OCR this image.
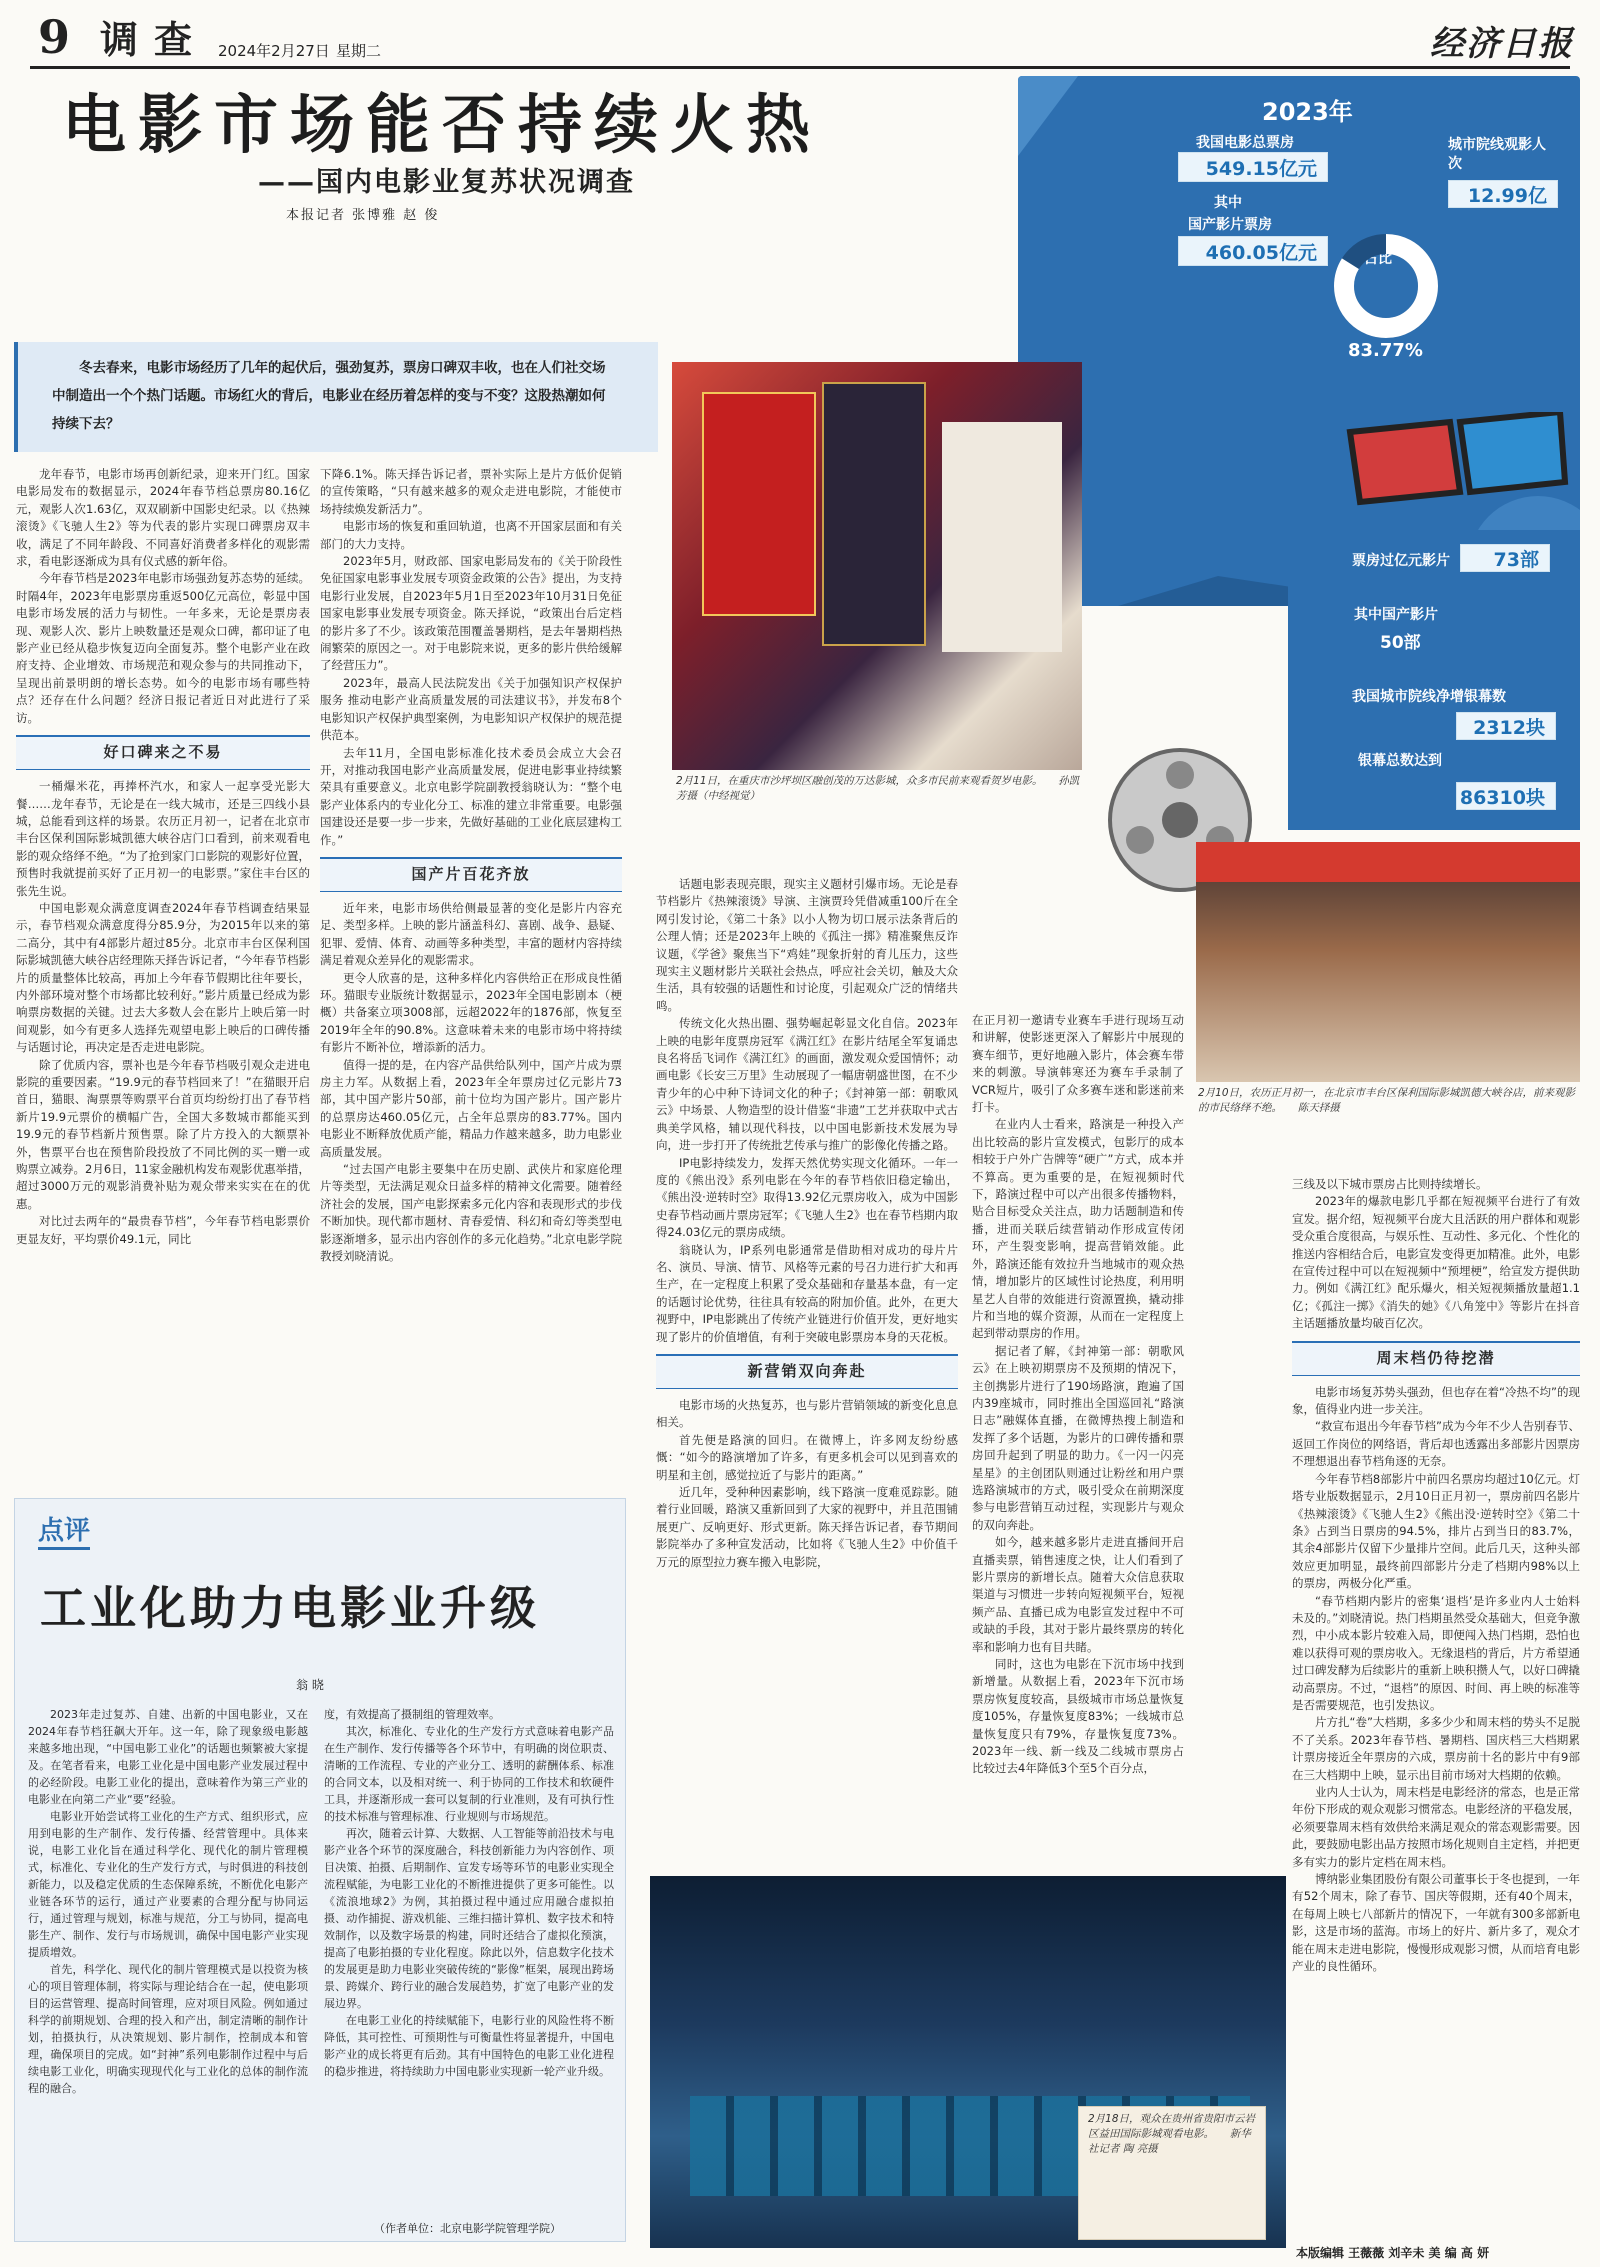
9 调查 2024年2月27日 星期二	经济日报
电影市场能否持续火热
——国内电影业复苏状况调查
本报记者 张博雅 赵 俊
2023年
我国电影总票房
549.15亿元
其中
国产影片票房
460.05亿元
城市院线观影人次
12.99亿
占比
83.77%
票房过亿元影片	73部
其中国产影片
50部
我国城市院线净增银幕数
2312块
银幕总数达到
86310块
冬去春来，电影市场经历了几年的起伏后，强劲复苏，票房口碑双丰收，也在人们社交场中制造出一个个热门话题。市场红火的背后，电影业在经历着怎样的变与不变？这股热潮如何持续下去？
2月11日，在重庆市沙坪坝区融创茂的万达影城，众多市民前来观看贺岁电影。　　孙凯芳摄（中经视觉）
2月10日，农历正月初一，在北京市丰台区保利国际影城凯德大峡谷店，前来观影的市民络绎不绝。　　陈天择摄

龙年春节，电影市场再创新纪录，迎来开门红。国家电影局发布的数据显示，2024年春节档总票房80.16亿元，观影人次1.63亿，双双刷新中国影史纪录。以《热辣滚烫》《飞驰人生2》等为代表的影片实现口碑票房双丰收，满足了不同年龄段、不同喜好消费者多样化的观影需求，看电影逐渐成为具有仪式感的新年俗。

今年春节档是2023年电影市场强劲复苏态势的延续。时隔4年，2023年电影票房重返500亿元高位，彰显中国电影市场发展的活力与韧性。一年多来，无论是票房表现、观影人次、影片上映数量还是观众口碑，都印证了电影产业已经从稳步恢复迈向全面复苏。整个电影产业在政府支持、企业增效、市场规范和观众参与的共同推动下，呈现出前景明朗的增长态势。如今的电影市场有哪些特点？还存在什么问题？经济日报记者近日对此进行了采访。

好口碑来之不易

一桶爆米花，再捧杯汽水，和家人一起享受光影大餐……龙年春节，无论是在一线大城市，还是三四线小县城，总能看到这样的场景。农历正月初一，记者在北京市丰台区保利国际影城凯德大峡谷店门口看到，前来观看电影的观众络绎不绝。“为了抢到家门口影院的观影好位置，预售时我就提前买好了正月初一的电影票。”家住丰台区的张先生说。

中国电影观众满意度调查2024年春节档调查结果显示，春节档观众满意度得分85.9分，为2015年以来的第二高分，其中有4部影片超过85分。北京市丰台区保利国际影城凯德大峡谷店经理陈天择告诉记者，“今年春节档影片的质量整体比较高，再加上今年春节假期比往年要长，内外部环境对整个市场都比较利好。”影片质量已经成为影响票房数据的关键。过去大多数人会在影片上映后第一时间观影，如今有更多人选择先观望电影上映后的口碑传播与话题讨论，再决定是否走进电影院。

除了优质内容，票补也是今年春节档吸引观众走进电影院的重要因素。“19.9元的春节档回来了！”在猫眼开启首日，猫眼、淘票票等购票平台首页均纷纷打出了春节档新片19.9元票价的横幅广告，全国大多数城市都能买到19.9元的春节档新片预售票。除了片方投入的大额票补外，售票平台也在预售阶段投放了不同比例的买一赠一或购票立减券。2月6日，11家金融机构发布观影优惠举措，超过3000万元的观影消费补贴为观众带来实实在在的优惠。

对比过去两年的“最贵春节档”，今年春节档电影票价更显友好，平均票价49.1元，同比

下降6.1%。陈天择告诉记者，票补实际上是片方低价促销的宣传策略，“只有越来越多的观众走进电影院，才能使市场持续焕发新活力”。

电影市场的恢复和重回轨道，也离不开国家层面和有关部门的大力支持。

2023年5月，财政部、国家电影局发布的《关于阶段性免征国家电影事业发展专项资金政策的公告》提出，为支持电影行业发展，自2023年5月1日至2023年10月31日免征国家电影事业发展专项资金。陈天择说，“政策出台后定档的影片多了不少。该政策范围覆盖暑期档，是去年暑期档热闹繁荣的原因之一。对于电影院来说，更多的影片供给缓解了经营压力”。

2023年，最高人民法院发出《关于加强知识产权保护服务 推动电影产业高质量发展的司法建议书》，并发布8个电影知识产权保护典型案例，为电影知识产权保护的规范提供范本。

去年11月，全国电影标准化技术委员会成立大会召开，对推动我国电影产业高质量发展，促进电影事业持续繁荣具有重要意义。北京电影学院副教授翁晓认为：“整个电影产业体系内的专业化分工、标准的建立非常重要。电影强国建设还是要一步一步来，先做好基础的工业化底层建构工作。”

国产片百花齐放

近年来，电影市场供给侧最显著的变化是影片内容充足、类型多样。上映的影片涵盖科幻、喜剧、战争、悬疑、犯罪、爱情、体育、动画等多种类型，丰富的题材内容持续满足着观众差异化的观影需求。

更令人欣喜的是，这种多样化内容供给正在形成良性循环。猫眼专业版统计数据显示，2023年全国电影剧本（梗概）共备案立项3008部，远超2022年的1876部，恢复至2019年全年的90.8%。这意味着未来的电影市场中将持续有影片不断补位，增添新的活力。

值得一提的是，在内容产品供给队列中，国产片成为票房主力军。从数据上看，2023年全年票房过亿元影片73部，其中国产影片50部，前十位均为国产影片。国产影片的总票房达460.05亿元，占全年总票房的83.77%。国内电影业不断释放优质产能，精品力作越来越多，助力电影业高质量发展。

“过去国产电影主要集中在历史剧、武侠片和家庭伦理片等类型，无法满足观众日益多样的精神文化需要。随着经济社会的发展，国产电影探索多元化内容和表现形式的步伐不断加快。现代都市题材、青春爱情、科幻和奇幻等类型电影逐渐增多，显示出内容创作的多元化趋势。”北京电影学院教授刘晓清说。

话题电影表现亮眼，现实主义题材引爆市场。无论是春节档影片《热辣滚烫》导演、主演贾玲凭借减重100斤在全网引发讨论，《第二十条》以小人物为切口展示法条背后的公理人情；还是2023年上映的《孤注一掷》精准聚焦反诈议题，《学爸》聚焦当下“鸡娃”现象折射的育儿压力，这些现实主义题材影片关联社会热点，呼应社会关切，触及大众生活，具有较强的话题性和讨论度，引起观众广泛的情绪共鸣。

传统文化火热出圈、强势崛起彰显文化自信。2023年上映的电影年度票房冠军《满江红》在影片结尾全军复诵忠良名将岳飞词作《满江红》的画面，激发观众爱国情怀；动画电影《长安三万里》生动展现了一幅唐朝盛世图，在不少青少年的心中种下诗词文化的种子；《封神第一部：朝歌风云》中场景、人物造型的设计借鉴“非遗”工艺并获取中式古典美学风格，辅以现代科技，以中国电影新技术发展为导向，进一步打开了传统批艺传承与推广的影像化传播之路。

IP电影持续发力，发挥天然优势实现文化循环。一年一度的《熊出没》系列电影在今年的春节档依旧稳定输出，《熊出没·逆转时空》取得13.92亿元票房收入，成为中国影史春节档动画片票房冠军；《飞驰人生2》也在春节档期内取得24.03亿元的票房成绩。

翁晓认为，IP系列电影通常是借助相对成功的母片片名、演员、导演、情节、风格等元素的号召力进行扩大和再生产，在一定程度上积累了受众基础和存量基本盘，有一定的话题讨论优势，往往具有较高的附加价值。此外，在更大视野中，IP电影跳出了传统产业链进行价值开发，更好地实现了影片的价值增值，有利于突破电影票房本身的天花板。

新营销双向奔赴

电影市场的火热复苏，也与影片营销领域的新变化息息相关。

首先便是路演的回归。在微博上，许多网友纷纷感慨：“如今的路演增加了许多，有更多机会可以见到喜欢的明星和主创，感觉拉近了与影片的距离。”

近几年，受种种因素影响，线下路演一度难觅踪影。随着行业回暖，路演又重新回到了大家的视野中，并且范围铺展更广、反响更好、形式更新。陈天择告诉记者，春节期间影院举办了多种宣发活动，比如将《飞驰人生2》中价值千万元的原型拉力赛车搬入电影院，

在正月初一邀请专业赛车手进行现场互动和讲解，使影迷更深入了解影片中展现的赛车细节，更好地融入影片，体会赛车带来的刺激。导演韩寒还为赛车手录制了VCR短片，吸引了众多赛车迷和影迷前来打卡。

在业内人士看来，路演是一种投入产出比较高的影片宣发模式，包影厅的成本相较于户外广告牌等“硬广”方式，成本并不算高。更为重要的是，在短视频时代下，路演过程中可以产出很多传播物料，贴合目标受众关注点，助力话题制造和传播，进而关联后续营销动作形成宣传闭环，产生裂变影响，提高营销效能。此外，路演还能有效拉升当地城市的观众热情，增加影片的区域性讨论热度，利用明星艺人自带的效能进行资源置换，撬动排片和当地的媒介资源，从而在一定程度上起到带动票房的作用。

据记者了解，《封神第一部：朝歌风云》在上映初期票房不及预期的情况下，主创携影片进行了190场路演，跑遍了国内39座城市，同时推出全国巡回礼“路演日志”融媒体直播，在微博热搜上制造和发挥了多个话题，为影片的口碑传播和票房回升起到了明显的助力。《一闪一闪亮星星》的主创团队则通过让粉丝和用户票选路演城市的方式，吸引受众在前期深度参与电影营销互动过程，实现影片与观众的双向奔赴。

如今，越来越多影片走进直播间开启直播卖票，销售速度之快，让人们看到了影片票房的新增长点。随着大众信息获取渠道与习惯进一步转向短视频平台，短视频产品、直播已成为电影宣发过程中不可或缺的手段，其对于影片最终票房的转化率和影响力也有目共睹。

同时，这也为电影在下沉市场中找到新增量。从数据上看，2023年下沉市场票房恢复度较高，县级城市市场总量恢复度105%，存量恢复度83%；一线城市总量恢复度只有79%，存量恢复度73%。2023年一线、新一线及二线城市票房占比较过去4年降低3个至5个百分点，

三线及以下城市票房占比则持续增长。

2023年的爆款电影几乎都在短视频平台进行了有效宣发。据介绍，短视频平台庞大且活跃的用户群体和观影受众重合度很高，与娱乐性、互动性、多元化、个性化的推送内容相结合后，电影宣发变得更加精准。此外，电影在宣传过程中可以在短视频中“预埋梗”，给宣发方提供助力。例如《满江红》配乐爆火，相关短视频播放量超1.1亿；《孤注一掷》《消失的她》《八角笼中》等影片在抖音主话题播放量均破百亿次。

周末档仍待挖潜

电影市场复苏势头强劲，但也存在着“冷热不均”的现象，值得业内进一步关注。

“救宣布退出今年春节档”成为今年不少人告别春节、返回工作岗位的网络语，背后却也透露出多部影片因票房不理想退出春节档角逐的无奈。

今年春节档8部影片中前四名票房均超过10亿元。灯塔专业版数据显示，2月10日正月初一，票房前四名影片《热辣滚烫》《飞驰人生2》《熊出没·逆转时空》《第二十条》占到当日票房的94.5%，排片占到当日的83.7%，其余4部影片仅留下少量排片空间。此后几天，这种头部效应更加明显，最终前四部影片分走了档期内98%以上的票房，两极分化严重。

“春节档期内影片的密集‘退档’是许多业内人士始料未及的。”刘晓清说。热门档期虽然受众基础大，但竞争激烈，中小成本影片较难入局，即便闯入热门档期，恐怕也难以获得可观的票房收入。无缘退档的背后，片方希望通过口碑发酵为后续影片的重新上映积攒人气，以好口碑撬动高票房。不过，“退档”的原因、时间、再上映的标准等是否需要规范，也引发热议。

片方扎“卷”大档期，多多少少和周末档的势头不足脱不了关系。2023年春节档、暑期档、国庆档三大档期累计票房接近全年票房的六成，票房前十名的影片中有9部在三大档期中上映，显示出目前市场对大档期的依赖。

业内人士认为，周末档是电影经济的常态，也是正常年份下形成的观众观影习惯常态。电影经济的平稳发展，必须要靠周末档有效供给来满足观众的常态观影需要。因此，要鼓励电影出品方按照市场化规则自主定档，并把更多有实力的影片定档在周末档。

博纳影业集团股份有限公司董事长于冬也提到，一年有52个周末，除了春节、国庆等假期，还有40个周末，在每周上映七八部新片的情况下，一年就有300多部新电影，这是市场的蓝海。市场上的好片、新片多了，观众才能在周末走进电影院，慢慢形成观影习惯，从而培育电影产业的良性循环。

点评
工业化助力电影业升级
翁 晓

2023年走过复苏、自建、出新的中国电影业，又在2024年春节档狂飙大开年。这一年，除了现象级电影越来越多地出现，“中国电影工业化”的话题也频繁被大家提及。在笔者看来，电影工业化是中国电影产业发展过程中的必经阶段。电影工业化的提出，意味着作为第三产业的电影业在向第二产业“要”经验。

电影业开始尝试将工业化的生产方式、组织形式，应用到电影的生产制作、发行传播、经营管理中。具体来说，电影工业化旨在通过科学化、现代化的制片管理模式，标准化、专业化的生产发行方式，与时俱进的科技创新能力，以及稳定优质的生态保障系统，不断优化电影产业链各环节的运行，通过产业要素的合理分配与协同运行，通过管理与规划，标准与规范，分工与协同，提高电影生产、制作、发行与市场规训，确保中国电影产业实现提质增效。

首先，科学化、现代化的制片管理模式是以投资为核心的项目管理体制，将实际与理论结合在一起，使电影项目的运营管理、提高时间管理，应对项目风险。例如通过科学的前期规划、合理的投入和产出，制定清晰的制作计划，拍摄执行，从决策规划、影片制作，控制成本和管理，确保项目的完成。如“封神”系列电影制作过程中与后续电影工业化，明确实现现代化与工业化的总体的制作流程的融合。

度，有效提高了摄制组的管理效率。

其次，标准化、专业化的生产发行方式意味着电影产品在生产制作、发行传播等各个环节中，有明确的岗位职责、清晰的工作流程、专业的产业分工、透明的薪酬体系、标准的合同文本，以及相对统一、利于协同的工作技术和软硬件工具，并逐渐形成一套可以复制的行业准则，及有可执行性的技术标准与管理标准、行业规则与市场规范。

再次，随着云计算、大数据、人工智能等前沿技术与电影产业各个环节的深度融合，科技创新能力为内容创作、项目决策、拍摄、后期制作、宣发专场等环节的电影业实现全流程赋能，为电影工业化的不断推进提供了更多可能性。以《流浪地球2》为例，其拍摄过程中通过应用融合虚拟拍摄、动作捕捉、游戏机能、三维扫描计算机、数字技术和特效制作，以及数字场景的构建，同时还结合了虚拟化预演，提高了电影拍摄的专业化程度。除此以外，信息数字化技术的发展更是助力电影业突破传统的“影像”框架，展现出跨场景、跨媒介、跨行业的融合发展趋势，扩宽了电影产业的发展边界。

在电影工业化的持续赋能下，电影行业的风险性将不断降低，其可控性、可预期性与可衡量性将显著提升，中国电影产业的成长将更有后劲。其有中国特色的电影工业化进程的稳步推进，将持续助力中国电影业实现新一轮产业升级。

（作者单位：北京电影学院管理学院）
2月18日，观众在贵州省贵阳市云岩区益田国际影城观看电影。　　新华社记者 陶 亮摄
本版编辑 王薇薇 刘辛未 美 编 高 妍
